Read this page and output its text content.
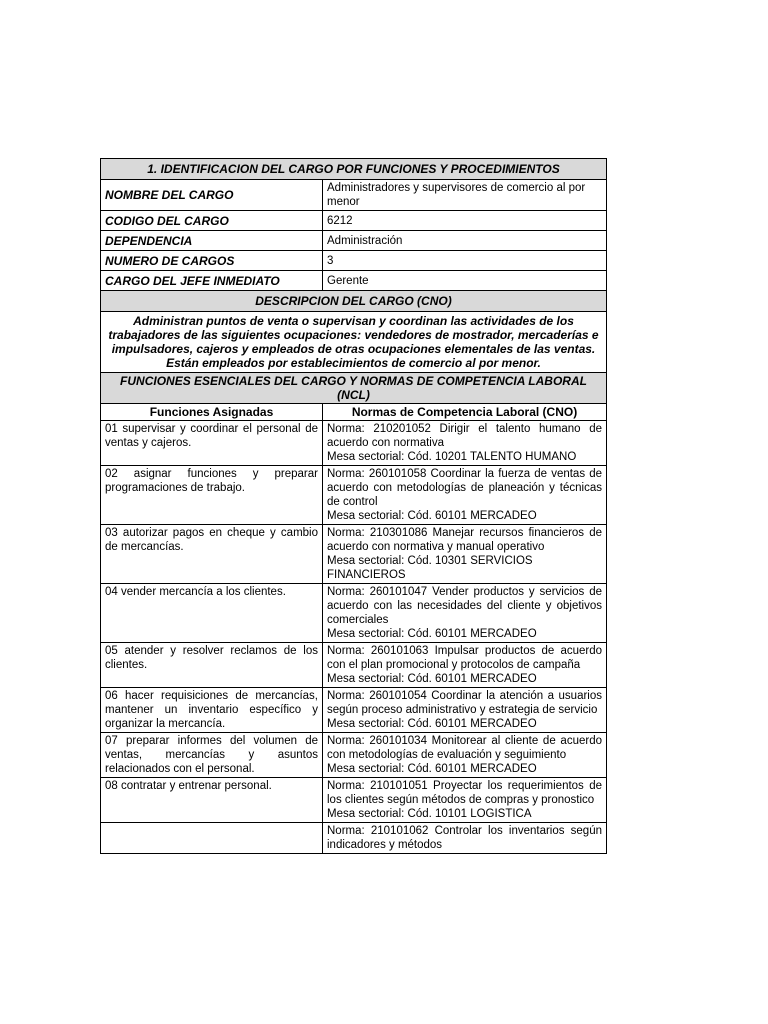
1. IDENTIFICACION DEL CARGO POR FUNCIONES Y PROCEDIMIENTOS	
NOMBRE DEL CARGO	Administradores y supervisores de comercio al por menor
CODIGO DEL CARGO	6212
DEPENDENCIA	Administración
NUMERO DE CARGOS	3
CARGO DEL JEFE INMEDIATO	Gerente
DESCRIPCION DEL CARGO (CNO)	
Administran puntos de venta o supervisan y coordinan las actividades de los trabajadores de las siguientes ocupaciones: vendedores de mostrador, mercaderías e impulsadores, cajeros y empleados de otras ocupaciones elementales de las ventas. Están empleados por establecimientos de comercio al por menor.	
FUNCIONES ESENCIALES DEL CARGO Y NORMAS DE COMPETENCIA LABORAL (NCL)	
Funciones Asignadas	Normas de Competencia Laboral (CNO)
01 supervisar y coordinar el personal de ventas y cajeros.	Norma: 210201052 Dirigir el talento humano de acuerdo con normativa
Mesa sectorial: Cód. 10201 TALENTO HUMANO

02 asignar funciones y preparar programaciones de trabajo.	Norma: 260101058 Coordinar la fuerza de ventas de acuerdo con metodologías de planeación y técnicas de control
Mesa sectorial: Cód. 60101 MERCADEO

03 autorizar pagos en cheque y cambio de mercancías.	Norma: 210301086 Manejar recursos financieros de acuerdo con normativa y manual operativo
Mesa sectorial: Cód. 10301 SERVICIOS FINANCIEROS

04 vender mercancía a los clientes.	Norma: 260101047 Vender productos y servicios de acuerdo con las necesidades del cliente y objetivos comerciales
Mesa sectorial: Cód. 60101 MERCADEO

05 atender y resolver reclamos de los clientes.	Norma: 260101063 Impulsar productos de acuerdo con el plan promocional y protocolos de campaña
Mesa sectorial: Cód. 60101 MERCADEO

06 hacer requisiciones de mercancías, mantener un inventario específico y organizar la mercancía.	Norma: 260101054 Coordinar la atención a usuarios según proceso administrativo y estrategia de servicio
Mesa sectorial: Cód. 60101 MERCADEO

07 preparar informes del volumen de ventas, mercancías y asuntos relacionados con el personal.	Norma: 260101034 Monitorear al cliente de acuerdo con metodologías de evaluación y seguimiento
Mesa sectorial: Cód. 60101 MERCADEO

08 contratar y entrenar personal.	Norma: 210101051 Proyectar los requerimientos de los clientes según métodos de compras y pronostico
Mesa sectorial: Cód. 10101 LOGISTICA

	Norma: 210101062 Controlar los inventarios según indicadores y métodos
